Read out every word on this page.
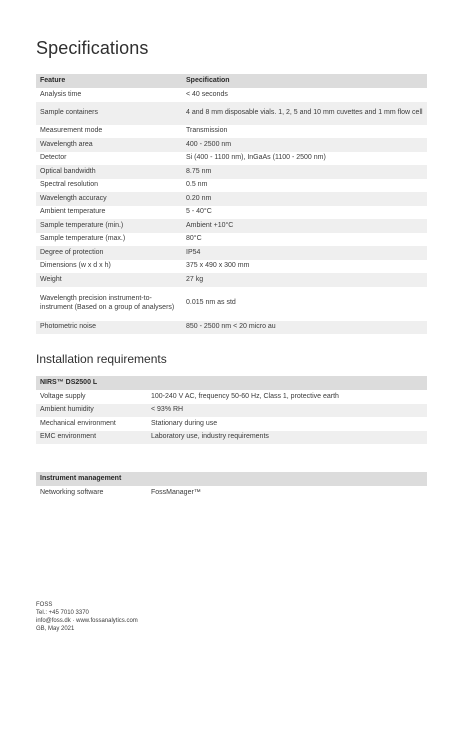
Specifications
Feature	Specification
Analysis time	< 40 seconds
Sample containers	4 and 8 mm disposable vials. 1, 2, 5 and 10 mm cuvettes and 1 mm flow cell
Measurement mode	Transmission
Wavelength area	400 - 2500 nm
Detector	Si (400 - 1100 nm), InGaAs (1100 - 2500 nm)
Optical bandwidth	8.75 nm
Spectral resolution	0.5 nm
Wavelength accuracy	0.20 nm
Ambient temperature	5 - 40°C
Sample temperature (min.)	Ambient +10°C
Sample temperature (max.)	80°C
Degree of protection	IP54
Dimensions (w x d x h)	375 x 490 x 300 mm
Weight	27 kg
Wavelength precision instrument-to-instrument (Based on a group of analysers)	0.015 nm as std
Photometric noise	850 - 2500 nm < 20 micro au
Installation requirements
NIRS™ DS2500 L	
Voltage supply	100-240 V AC, frequency 50-60 Hz, Class 1, protective earth
Ambient humidity	< 93% RH
Mechanical environment	Stationary during use
EMC environment	Laboratory use, industry requirements
Instrument management
Networking software	FossManager™
FOSS
Tel.: +45 7010 3370
info@foss.dk · www.fossanalytics.com
GB, May 2021
